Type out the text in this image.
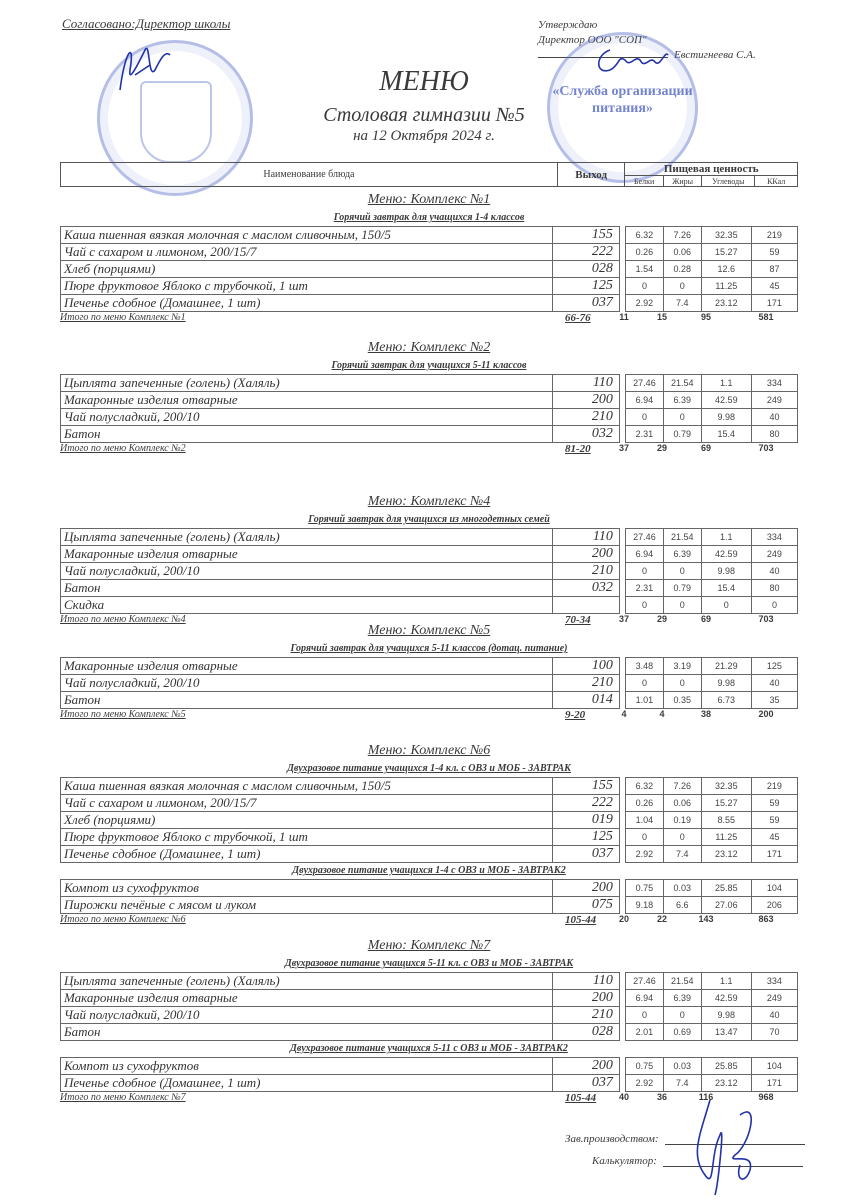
Согласовано:Директор школы	Утверждаю
Директор ООО "СОП"
Евстигнеева С.А.
«Служба организации питания»
МЕНЮ
Столовая гимназии №5
на 12 Октября 2024 г.
Наименование блюда	Выход	Пищевая ценность			
		Белки	Жиры	Углеводы	ККал
Меню: Комплекс №1
Горячий завтрак для учащихся 1-4 классов
Каша пшенная вязкая молочная с маслом сливочным, 150/5	155		6.32	7.26	32.35	219
Чай с сахаром и лимоном, 200/15/7	222		0.26	0.06	15.27	59
Хлеб (порциями)	028		1.54	0.28	12.6	87
Пюре фруктовое Яблоко с трубочкой, 1 шт	125		0	0	11.25	45
Печенье сдобное (Домашнее, 1 шт)	037		2.92	7.4	23.12	171
Итого по меню Комплекс №1	66-76	11	15	95	581
Меню: Комплекс №2
Горячий завтрак для учащихся 5-11 классов
Цыплята запеченные (голень) (Халяль)	110		27.46	21.54	1.1	334
Макаронные изделия отварные	200		6.94	6.39	42.59	249
Чай полусладкий, 200/10	210		0	0	9.98	40
Батон	032		2.31	0.79	15.4	80
Итого по меню Комплекс №2	81-20	37	29	69	703
Меню: Комплекс №4
Горячий завтрак для учащихся из многодетных семей
Цыплята запеченные (голень) (Халяль)	110		27.46	21.54	1.1	334
Макаронные изделия отварные	200		6.94	6.39	42.59	249
Чай полусладкий, 200/10	210		0	0	9.98	40
Батон	032		2.31	0.79	15.4	80
Скидка			0	0	0	0
Итого по меню Комплекс №4	70-34	37	29	69	703
Меню: Комплекс №5
Горячий завтрак для учащихся 5-11 классов (дотац. питание)
Макаронные изделия отварные	100		3.48	3.19	21.29	125
Чай полусладкий, 200/10	210		0	0	9.98	40
Батон	014		1.01	0.35	6.73	35
Итого по меню Комплекс №5	9-20	4	4	38	200
Меню: Комплекс №6
Двухразовое питание учащихся 1-4 кл. с ОВЗ и МОБ - ЗАВТРАК
Каша пшенная вязкая молочная с маслом сливочным, 150/5	155		6.32	7.26	32.35	219
Чай с сахаром и лимоном, 200/15/7	222		0.26	0.06	15.27	59
Хлеб (порциями)	019		1.04	0.19	8.55	59
Пюре фруктовое Яблоко с трубочкой, 1 шт	125		0	0	11.25	45
Печенье сдобное (Домашнее, 1 шт)	037		2.92	7.4	23.12	171
Двухразовое питание учащихся 1-4 с ОВЗ и МОБ - ЗАВТРАК2
Компот из сухофруктов	200		0.75	0.03	25.85	104
Пирожки печёные с мясом и луком	075		9.18	6.6	27.06	206
Итого по меню Комплекс №6	105-44	20	22	143	863
Меню: Комплекс №7
Двухразовое питание учащихся 5-11 кл. с ОВЗ и МОБ - ЗАВТРАК
Цыплята запеченные (голень) (Халяль)	110		27.46	21.54	1.1	334
Макаронные изделия отварные	200		6.94	6.39	42.59	249
Чай полусладкий, 200/10	210		0	0	9.98	40
Батон	028		2.01	0.69	13.47	70
Двухразовое питание учащихся 5-11 с ОВЗ и МОБ - ЗАВТРАК2
Компот из сухофруктов	200		0.75	0.03	25.85	104
Печенье сдобное (Домашнее, 1 шт)	037		2.92	7.4	23.12	171
Итого по меню Комплекс №7	105-44	40	36	116	968
Зав.производством:
Калькулятор:
